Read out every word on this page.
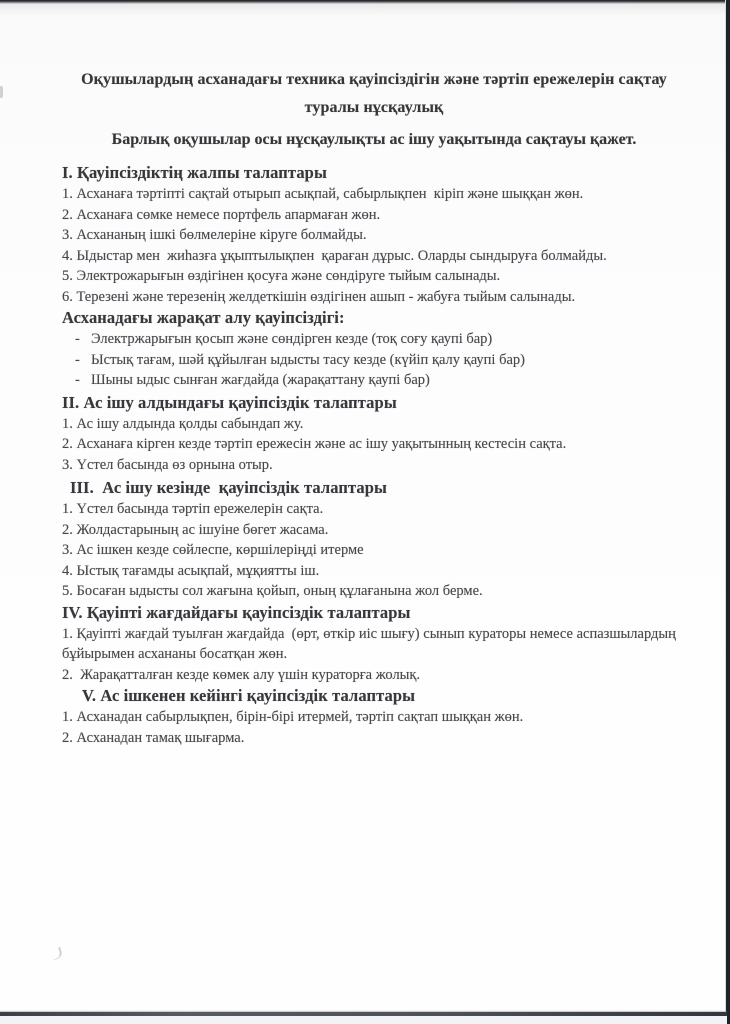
Оқушылардың асханадағы техника қауіпсіздігін және тәртіп ережелерін сақтау
туралы нұсқаулық
Барлық оқушылар осы нұсқаулықты ас ішу уақытында сақтауы қажет.
I. Қауіпсіздіктің жалпы талаптары
1. Асханаға тәртіпті сақтай отырып асықпай, сабырлықпен  кіріп және шыққан жөн.
2. Асханаға сөмке немесе портфель апармаған жөн.
3. Асхананың ішкі бөлмелеріне кіруге болмайды.
4. Ыдыстар мен  жиһазға ұқыптылықпен  қараған дұрыс. Оларды сындыруға болмайды.
5. Электрожарығын өздігінен қосуға және сөндіруге тыйым салынады.
6. Терезені және терезенің желдеткішін өздігінен ашып - жабуға тыйым салынады.
Асханадағы жарақат алу қауіпсіздігі:
- Электржарығын қосып және сөндірген кезде (тоқ соғу қаупі бар)
- Ыстық тағам, шәй құйылған ыдысты тасу кезде (күйіп қалу қаупі бар)
- Шыны ыдыс сынған жағдайда (жарақаттану қаупі бар)
II. Ас ішу алдындағы қауіпсіздік талаптары
1. Ас ішу алдында қолды сабындап жу.
2. Асханаға кірген кезде тәртіп ережесін және ас ішу уақытынның кестесін сақта.
3. Үстел басында өз орнына отыр.
III.  Ас ішу кезінде  қауіпсіздік талаптары
1. Үстел басында тәртіп ережелерін сақта.
2. Жолдастарының ас ішуіне бөгет жасама.
3. Ас ішкен кезде сөйлеспе, көршілеріңді итерме
4. Ыстық тағамды асықпай, мұқиятты іш.
5. Босаған ыдысты сол жағына қойып, оның құлағанына жол берме.
IV. Қауіпті жағдайдағы қауіпсіздік талаптары
1. Қауіпті жағдай туылған жағдайда  (өрт, өткір иіс шығу) сынып кураторы немесе аспазшылардың бұйырымен асхананы босатқан жөн.
2.  Жарақатталған кезде көмек алу үшін кураторға жолық.
V. Ас ішкенен кейінгі қауіпсіздік талаптары
1. Асханадан сабырлықпен, бірін-бірі итермей, тәртіп сақтап шыққан жөн.
2. Асханадан тамақ шығарма.
